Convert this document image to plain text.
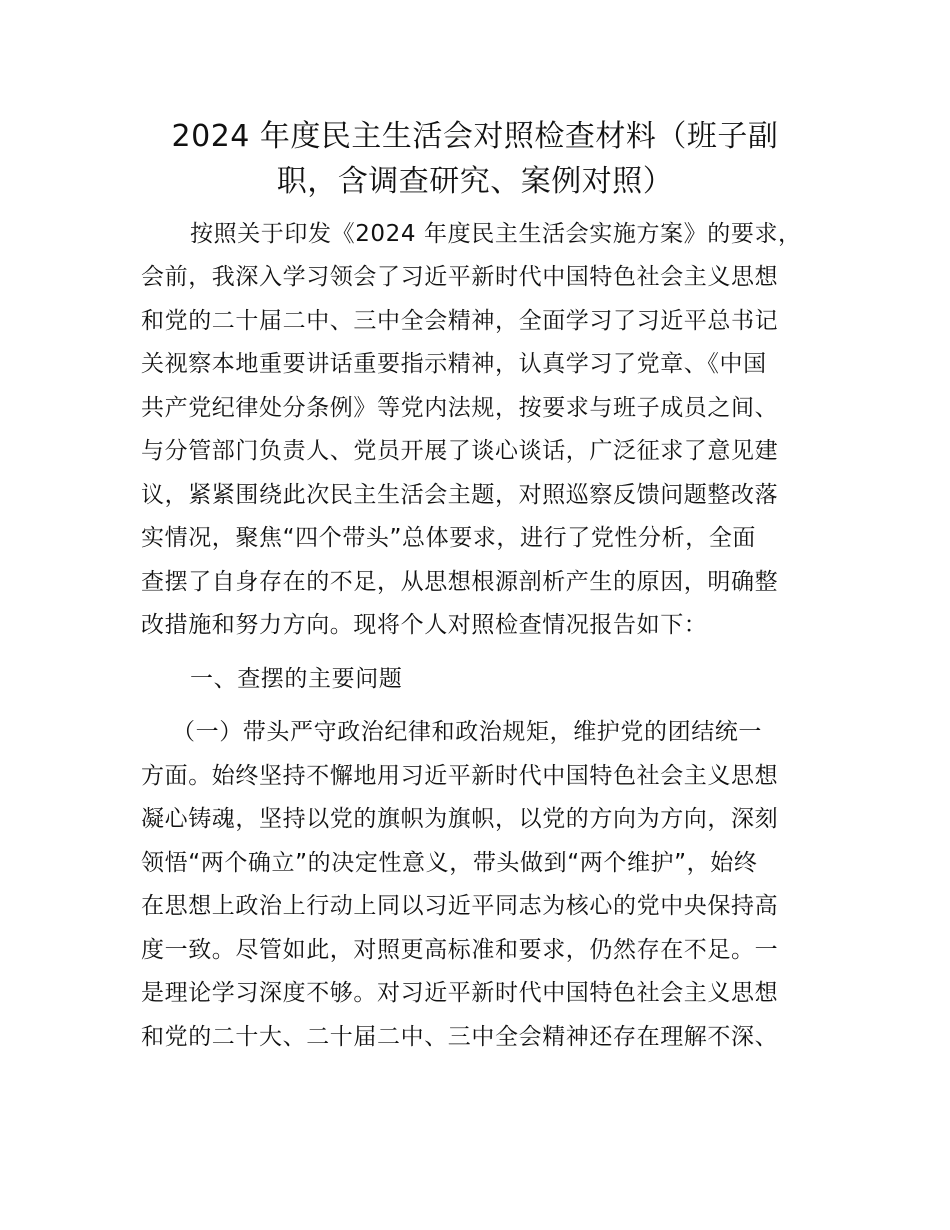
2024 年度民主生活会对照检查材料（班子副
职，含调查研究、案例对照）

按照关于印发《2024 年度民主生活会实施方案》的要求，

会前，我深入学习领会了习近平新时代中国特色社会主义思想

和党的二十届二中、三中全会精神，全面学习了习近平总书记

关视察本地重要讲话重要指示精神，认真学习了党章、《中国

共产党纪律处分条例》等党内法规，按要求与班子成员之间、

与分管部门负责人、党员开展了谈心谈话，广泛征求了意见建

议，紧紧围绕此次民主生活会主题，对照巡察反馈问题整改落

实情况，聚焦“四个带头”总体要求，进行了党性分析，全面

查摆了自身存在的不足，从思想根源剖析产生的原因，明确整

改措施和努力方向。现将个人对照检查情况报告如下：

一、查摆的主要问题

（一）带头严守政治纪律和政治规矩，维护党的团结统一

方面。始终坚持不懈地用习近平新时代中国特色社会主义思想

凝心铸魂，坚持以党的旗帜为旗帜，以党的方向为方向，深刻

领悟“两个确立”的决定性意义，带头做到“两个维护”，始终

在思想上政治上行动上同以习近平同志为核心的党中央保持高

度一致。尽管如此，对照更高标准和要求，仍然存在不足。一

是理论学习深度不够。对习近平新时代中国特色社会主义思想

和党的二十大、二十届二中、三中全会精神还存在理解不深、
